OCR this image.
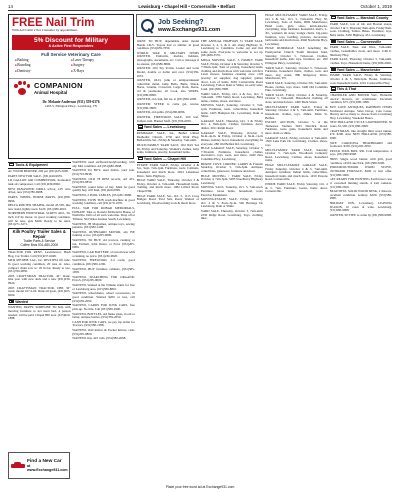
14	Lewisburg • Chapel Hill • Cornersville • Belfast	October 1, 2019
Tools & Equipment
AC WOOD BURNER, 200 per (931)225-5000.
PARTS NEW FOR SALE. (931)240-9955.
LR GALLON AIR COMPRESSOR, horizontal tank air compressor. Call (931)639-8960.
NEW PANASONIC DRILL w/box, 12V wire driver, new (931)780-6988.
PARTS, WHEEL HORSE PARTS, (931)389-9996.
DELTA ROUTER SHAPER, model 43-505, like new stand, lightly used, $120. (931)380-6010.
NORTHERN INDUSTRIAL SCREW ADJ., 30-inch 110 hp motor, in good working condition, will be new, gets $200. Ready to be used, (931)271-3271.
Kilk Poultry Trailer Sales & Repair
Trailer Parts & Service
Coffee Bros 931-680-2006
TRACTOR FOR RENT, Lawnmower, Bush Hog, Car Trailer. Call (931)637-6048.
MTD 987/9898 LAC, GC 9PS/TIPS4 lift tube. In good working condition, 20 tons of. Also, compact chain saw w/ 18 in bar. Ready to use. (931)766-9850.
2005 CRAFTSMAN TRACTOR, 42" blade. One year with new deck and a new (931)230-0920.
2005 CRAFTSMAN TRACTOR, DBS 36" tread, model 917.2-04. Runs all great, (931)205-6009.
Wanted
WANTED, PARTS: SOMEONE TO help with mowing furniture to not need bed, 4 person needed, will be paid. Chapel Hill area. (615)620-1888.
WANTED, used surfboard/bodyboarding, with any Mid condition. All (931)680-0998.
WANTED TO BUY, used dishes, yard sale. (931)703-8938.
WANTED, OLD 78 RPM records, old 45's. (931)293-6850.
WANTED, round bales of hay. Must be good quality hay, will haul, (931)260-0999.
WANTED, 2 POOL TABLES, (931)201-9980.
WANTED, TWIN TUB wash machine in good working condition, call (931)270-1978.
PULL TAB FOR ROBAR MEMORIALS, DONATE Tabs to Ronald McDonald House of Nashville. Gifts of all sorts welcome. Drop off at Tribune, 504 Water Avenue South, Lewisburg.
WANTED, JH Magazines, antique toys, sewing patterns. (931)580-1208.
WANTED, OUTBOARD MOTOR, any HP, running or not. (931)205-6080.
WANTED, TO BUY, old tractors, running or not, Farmall, John Deere, or Ford. (931)205-0906.
WANTED, CAR BATTERY, a lawn mower with a running, no price. (931)230-0920.
WANTED, FIREWOOD, 3-4 cords, good condition. (931)580-1206.
WANTED, BUY furniture cabinets, (931)585-1958.
WANTED, SEARCHING FOR ORGANIC EGGS, (931)205-9000.
WANTED, Wanted at the Tribune wants for free or Lewisburg area. (615)580-8801.
WANTED, wheelchairs, wheel accessories, in good condition. Wanted $200 or less, call (931)659-2092.
WANTED, CARDS FOR JUNK CARS, free pick-up. No title, Call (931)580-2900.
WANTED, BOTTLES, old flasks glass, in old or better, antique bottles, (931)359-2050.
CASH FOR JUNK CARS, we pay top dollar for Tractors. (931)580-1998.
WANTED, Odd knives & Pocket knives, cash. (931)205-9800.
WANTED, hay, 4x5 rolls. (931)580-2098.
WANT TO BUY, dependable older model Honda CR-V. Toyota 4x4 or similar, in good condition. (931)659-7050.
WORLD WAR II MILITARY ITEMS WANTED. Uniforms, medals, helmets, photographs, documents, etc. Call or message if no answer, (931)580-8806.
WANTED: Old Toy Trains, Lionel and Lone Model, double or dollar and ever. (931)359-9653.
WANTED, OLD, junk or antique/unusual collectible metal, lamp Bells, Bulls, Shuck, Horse, Granite, Crosscuts, Large Rain, Deere, old & yearbooks, all Cook, also WIRES, (931)580-8098.
WANTED, old cash, fall lot, at (931)580-1008.
WANTED: STEER to come get, rescue. (931)580-5808.
WANTED, old quilts. (931)268-0086.
WANTED, FIREWOOD SALE, 200 leaf. Tomato trail. Hauled Stuff. (931)706-6050.
Yard Sales — Lewisburg
RUMMAGE SALE, Sat., Bethel United Methodist Church, 2730 and Walk Hwy, Belfastville Sat., Friday & Saturday, 7am-until.
MULTI-FAMILY YARD SALE, Old Nat'l Sea Dr, Friday and Saturday. Women's clothes, baby items, furniture, jewelry, household items.
Yard Sales — Chapel Hill
ESTATE YARD SALE, Friday, October 4 & Sat., Sept. 7am-1pm. Furniture, tools, Cabinets, household and much more. 2024 Lakeshore Drive, Tenn. Highway.
HUGE YARD SALE, Thursday, October 3 & Friday, October 4, 7am-until. Household items, clothing, and much more. 1082 Lillard Road, Chapel Hill.
HUGE YARD SALE, Sat., Oct. 5, 1115 Cross Bridges Road. Yard Sale Road, Wanted of Lewisburg, Woodworking tools & much more.
THE ANNUAL HIGHWAY 31 YARD SALE, October 3, 4, 5, & 6. All along Highway 31, Lewisburg to Columbia. Come out and find some deals. Everyone is welcome to set up. (931)489-3555.
MEGA MOVING SALE, 3 FAMILY YARD SALE, Friday, October 4 & Saturday, October 5, 7:30am-1pm. Tons of pricing, household items, clothing and much more with welcome call first. Lawn mower, furniture cleaning crew. 1100 jewelry; art supplies; dog supplies; games; decor. Lots of items. 3065 Cornersville Road, Lewisburg, Follow Rain or Shine, no early sales. Cash. (931)580-7808.
YARD SALE, Friday, Oct. 4 & Sat., Oct. 5, 7am-until. 1780 Valley Road, Lewisburg. Baby items, clothes, shoes, and more.
MOVING SALE, Saturday, October 5, 7am-1pm. Furniture, tools, collectibles, household items. 1665 Hampton Dr., Lewisburg. Rain or Shine.
GARAGE SALE, Thursday, Oct. 3 & Friday, Oct. 4, 8am-2pm. Clothes, furniture, decor, dishes. 2011 Ralph Road.
GARAGE SALE, Thursday, October 3, 8a.m.-4p.m. & Friday, October 4, 8a.m.-1p.m. Dishes, holiday decor, household, everything for everyone. 280 Old Belfast Rd, Lewisburg.
HUGE GARAGE SALE, Saturday, October 5, 7:30-until. Furniture, household, clothes, electronics, toys, tools, and more. 2440 New Columbia Hwy, Lewisburg.
BURNT COVE CORNER, LARRY & Friends, Saturday, October 5, 7am-3pm. Antiques, collectibles, glassware, furniture and more.
HUGE MOVING / YARD SALE, Friday, October 4, 7am-3pm. 5285 Woodberry Highway, Lewisburg.
MOVING SALE, Saturday, Oct. 5, 7am-noon. Furniture, Glass items, household, tools, Exercise Equipment.
MOVING/ESTATE SALE, Friday Saturday, Oct. 4 & 5, 8a.m.-3p.m. 506 Heritage Dr, Lewisburg. Rain or Shine.
YARD SALE, Thursday, October 3, 7am-until. 2250 Ridge Road, Lewisburg. Toys, clothing, misc.
HUGE MULTI-FAMILY YARD SALE, Friday, Oct 4 & Sat., Oct. 5, 7am-until. Hwy 50, Lewisburg. Tons of Items, 9000 Manchester, Hand tools, girls, sizes, knick-knacks, everything, large furniture, household, men's, L-XL, women's all sizes; lounge chairs, big-patio furniture, toys, bedding, pictures, decoration, bath items and much more. 4940 Nashville Hwy, Lewisburg.
HUGE RUMMAGE SALE benefiting the Presbyterian Church Youth missions fund, Saturday, October 5, 7am-noon. Clothes, household items, kids toys, furniture, etc. 200 Ellington Pkwy, Lewisburg.
YARD SALE, Saturday, October 5, 7am-noon. Furniture, household items, clothes, tools and more, dog crates, 880 Ridgeway Drive, Manchester, TN.
YARD SALE, Saturday, October 5th, 7am-until. Books, clothes, toys, more. 3400 Old Columbia Pike, Lewisburg.
YARD SALE, Friday, October 4 & Saturday, October 5, 7am-until. Household, clothing, all sizes, and much more. 1400 Main Street.
MULTI-FAMILY YARD SALE, Friday & Saturday, October 4 & 5, 7am-until. Furniture, household, clothes, toys, dishes. Main St. Belfast.
ESTATE AUCTION, October 5, at the Tennessee Venture 2625 Deerlick Road. Furniture, tools, guns, household items and more. Rain or shine.
GARAGE SALE, Friday, October 4, 7am-until. 1500 Lake Park Dr, Lewisburg. Clothes, shoes, toys.
MULTI-FAMILY YARD SALE, Saturday October 5, 7am-1pm. Woodlawn Cemetery Road, Lewisburg. Clothes, shoes, household items.
HUGE MULTI-FAMILY GARAGE SALE, Friday Saturday, October 4 & 5, 7am-until. Antiques, furniture, Indian items, collectibles, household items and much more. 1450 Parsons Road, Cornersville.
INSIDE YARD SALE, Friday Saturday, Oct. 4 & 5, 7am. Furniture, books, home decor. Cornersville.
Yard Sales — Marshall County
YARD SALE, lots of lab and Boston stores, October 3 & 5, Thursday 8am-2pm, Friday 8am-noon. Clothing, Tables, Bikes, Furniture, toys, Baby items. 3450 Highway 431, Lewisburg.
Yard Sales — Cornersville
YARD SALE, Tues. and Wed., 7am-until. Clothes, Grandfather clock, and more. 1160 E. Harmony Hwy.
YARD SALE, Thursday, October 3, 7am-until. Clothes, Toys, Household items, (931)580-2000.
Yard Sales — Manchester
INSIDE YARD SALE, Friday & Saturday, October 4 & 5, 8am-5pm. Books, furniture, tools, household items. 2201 Cornersville Hwy.
This & That
CHANDLER AND BOWER VAC, Homelite electric blowers, air conditioner. Excellent condition, $75. (931)580-1998.
BUY LOVE ANTIQUES, RAINBOW ITEMS Purchased Antique, Sales Dover, Cole Coker, Murray and so many to choose from. Lewisburg Hwy, Lewisburg. Weekend Hours.
NEW HOLLAND CYCLE LAWNMOWER, 50 hours, $1,500. (931)580-2068.
CRAFTSMAN, like straight mini weed runner, $70. $200. Also NEW HOLLAND, (931)580-2090.
NICE CAROLINA HEADBOARD and footboard. $100. (931)205-2050.
TRUCK TOOL BOX, $50. Cold temperature, 4 keys. (931)580-9968.
FREE: Single wood burner, with grill, good condition, 1450 Lake Park, (931)580-5000.
INDOOR/OUTDOOR WOOD STOVE, OUTDOOR FURNACE, $200 or best offer. (931)580-5060.
GET READY FOR HUNTING Earth fewer case of oversized hunting stands, 4 trail cameras. (931)580-2650.
BEAUTIFUL SOLID WOOD DESK, 2 drawers, excellent condition. Gallery. $200. (931)580-9800.
HOLIDAY INN, Lewisburg, LEAVING SEASON, 10 cases of wine, Lewisburg. (931)580-9998.
WANTED, SETTEE to come by (931)580-9998.
FREE Nail Trim
With Ad! Limit 2 Per Customer by appointment.
5% Discount for Military
& Active First Responders
Full Service Veterinary Care
■ Bathing	■ Laser Therapy
■ Boarding	■ Surgery
■ Dentistry	■ X-Rays
COMPANION
Animal Hospital
Dr. Melanie Anderson (931) 359-6376
1465 S. Ellington Pkwy., Lewisburg, TN
Job Seeking?
www.Exchange931.com
Find a New Car
at www.Exchange931.com
Place your free word ad at Exchange931.com
